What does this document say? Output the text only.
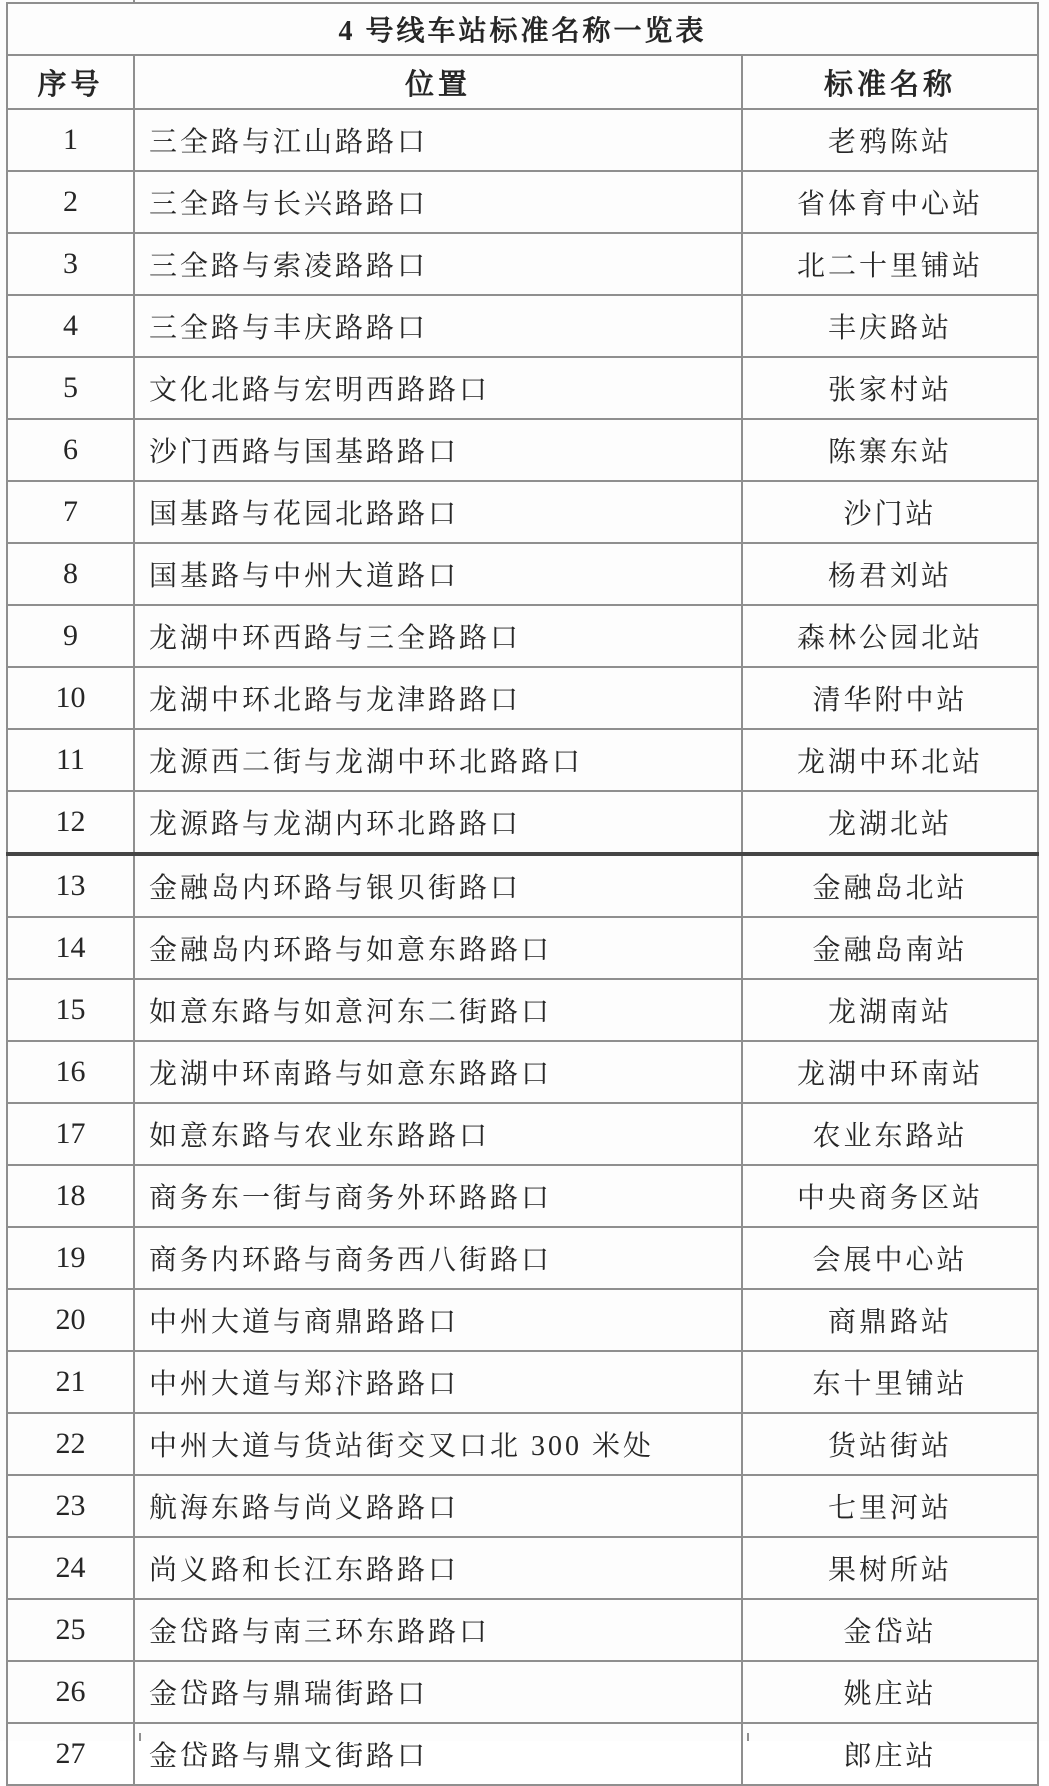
4 号线车站标准名称一览表		
序号	位置	标准名称
1	三全路与江山路路口	老鸦陈站
2	三全路与长兴路路口	省体育中心站
3	三全路与索凌路路口	北二十里铺站
4	三全路与丰庆路路口	丰庆路站
5	文化北路与宏明西路路口	张家村站
6	沙门西路与国基路路口	陈寨东站
7	国基路与花园北路路口	沙门站
8	国基路与中州大道路口	杨君刘站
9	龙湖中环西路与三全路路口	森林公园北站
10	龙湖中环北路与龙津路路口	清华附中站
11	龙源西二街与龙湖中环北路路口	龙湖中环北站
12	龙源路与龙湖内环北路路口	龙湖北站
13	金融岛内环路与银贝街路口	金融岛北站
14	金融岛内环路与如意东路路口	金融岛南站
15	如意东路与如意河东二街路口	龙湖南站
16	龙湖中环南路与如意东路路口	龙湖中环南站
17	如意东路与农业东路路口	农业东路站
18	商务东一街与商务外环路路口	中央商务区站
19	商务内环路与商务西八街路口	会展中心站
20	中州大道与商鼎路路口	商鼎路站
21	中州大道与郑汴路路口	东十里铺站
22	中州大道与货站街交叉口北 300 米处	货站街站
23	航海东路与尚义路路口	七里河站
24	尚义路和长江东路路口	果树所站
25	金岱路与南三环东路路口	金岱站
26	金岱路与鼎瑞街路口	姚庄站
27	金岱路与鼎文街路口	郎庄站
